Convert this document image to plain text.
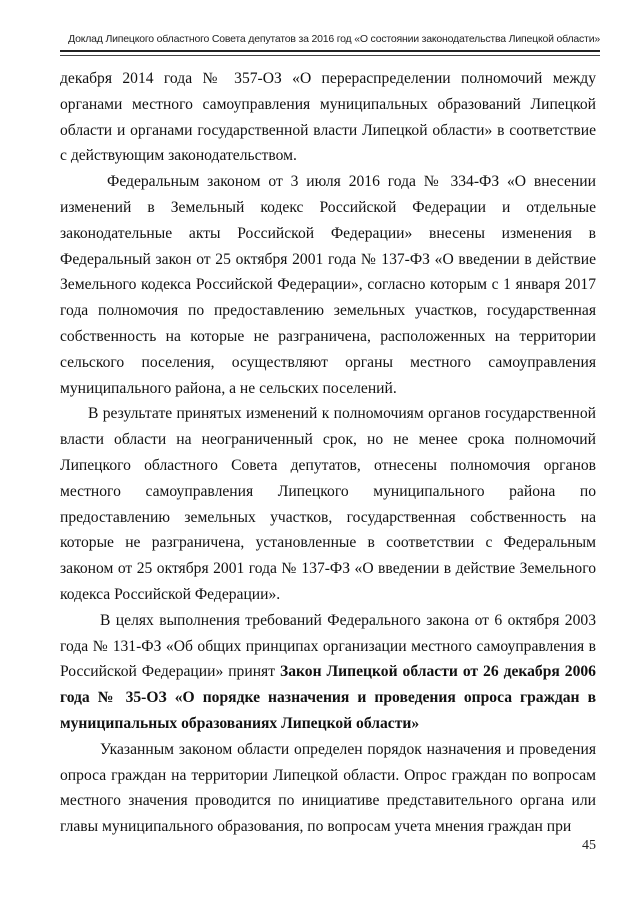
Доклад Липецкого областного Совета депутатов за 2016 год «О состоянии законодательства Липецкой области»

декабря 2014 года № 357-ОЗ «О перераспределении полномочий между органами местного самоуправления муниципальных образований Липецкой области и органами государственной власти Липецкой области» в соответствие с действующим законодательством.

Федеральным законом от 3 июля 2016 года № 334-ФЗ «О внесении изменений в Земельный кодекс Российской Федерации и отдельные законодательные акты Российской Федерации» внесены изменения в Федеральный закон от 25 октября 2001 года № 137-ФЗ «О введении в действие Земельного кодекса Российской Федерации», согласно которым с 1 января 2017 года полномочия по предоставлению земельных участков, государственная собственность на которые не разграничена, расположенных на территории сельского поселения, осуществляют органы местного самоуправления муниципального района, а не сельских поселений.

В результате принятых изменений к полномочиям органов государственной власти области на неограниченный срок, но не менее срока полномочий Липецкого областного Совета депутатов, отнесены полномочия органов местного самоуправления Липецкого муниципального района по предоставлению земельных участков, государственная собственность на которые не разграничена, установленные в соответствии с Федеральным законом от 25 октября 2001 года № 137-ФЗ «О введении в действие Земельного кодекса Российской Федерации».

В целях выполнения требований Федерального закона от 6 октября 2003 года № 131-ФЗ «Об общих принципах организации местного самоуправления в Российской Федерации» принят Закон Липецкой области от 26 декабря 2006 года № 35-ОЗ «О порядке назначения и проведения опроса граждан в муниципальных образованиях Липецкой области»

Указанным законом области определен порядок назначения и проведения опроса граждан на территории Липецкой области. Опрос граждан по вопросам местного значения проводится по инициативе представительного органа или главы муниципального образования, по вопросам учета мнения граждан при

45
